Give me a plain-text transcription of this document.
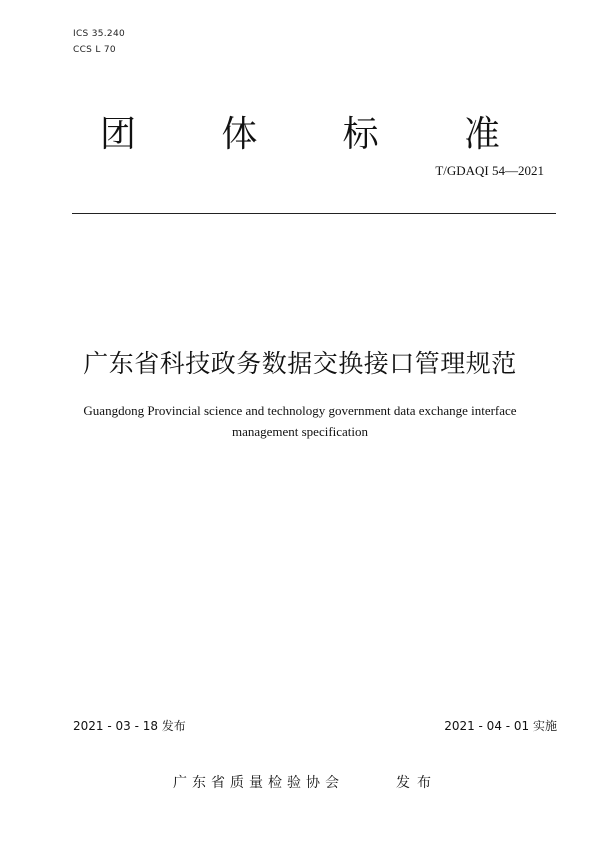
ICS 35.240
CCS L 70
团 体 标 准
T/GDAQI 54—2021
广东省科技政务数据交换接口管理规范
Guangdong Provincial science and technology government data exchange interface
management specification
2021 - 03 - 18 发布	2021 - 04 - 01 实施
广东省质量检验协会	发布
